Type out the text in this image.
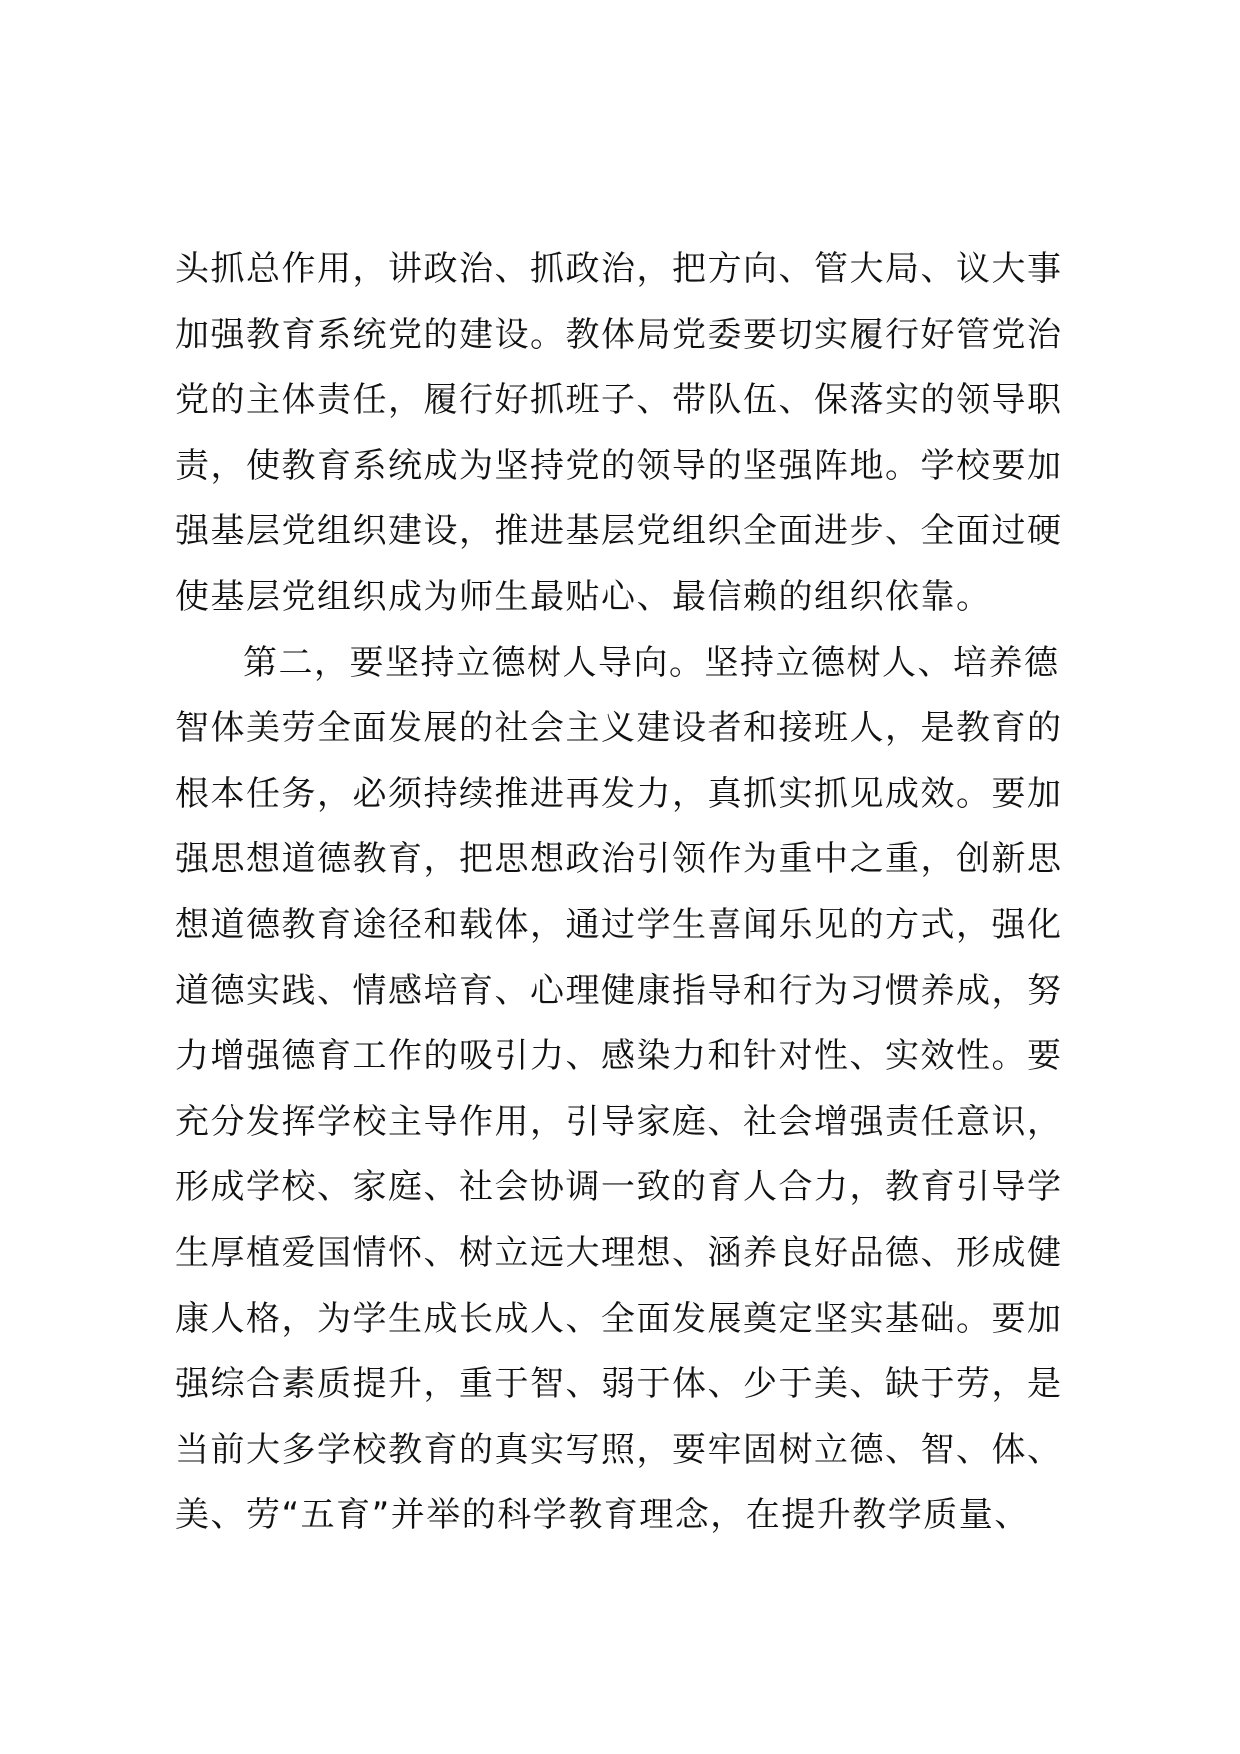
头抓总作用，讲政治、抓政治，把方向、管大局、议大事
加强教育系统党的建设。教体局党委要切实履行好管党治
党的主体责任，履行好抓班子、带队伍、保落实的领导职
责，使教育系统成为坚持党的领导的坚强阵地。学校要加
强基层党组织建设，推进基层党组织全面进步、全面过硬
使基层党组织成为师生最贴心、最信赖的组织依靠。
第二，要坚持立德树人导向。坚持立德树人、培养德
智体美劳全面发展的社会主义建设者和接班人，是教育的
根本任务，必须持续推进再发力，真抓实抓见成效。要加
强思想道德教育，把思想政治引领作为重中之重，创新思
想道德教育途径和载体，通过学生喜闻乐见的方式，强化
道德实践、情感培育、心理健康指导和行为习惯养成，努
力增强德育工作的吸引力、感染力和针对性、实效性。要
充分发挥学校主导作用，引导家庭、社会增强责任意识，
形成学校、家庭、社会协调一致的育人合力，教育引导学
生厚植爱国情怀、树立远大理想、涵养良好品德、形成健
康人格，为学生成长成人、全面发展奠定坚实基础。要加
强综合素质提升，重于智、弱于体、少于美、缺于劳，是
当前大多学校教育的真实写照，要牢固树立德、智、体、
美、劳“五育”并举的科学教育理念，在提升教学质量、
